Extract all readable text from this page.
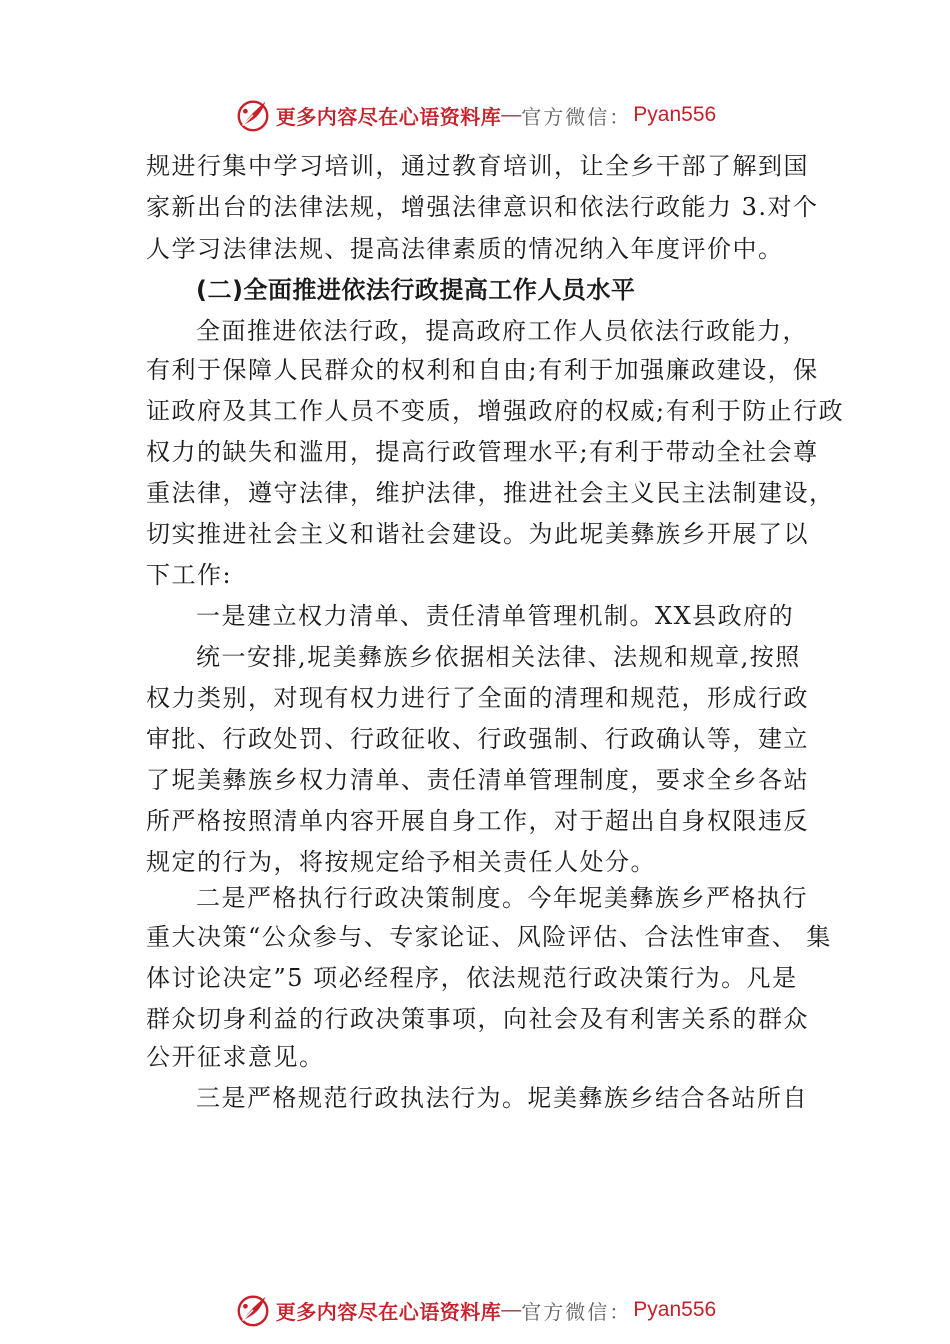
更多内容尽在心语资料库 — 官方微信： Pyan556
规进行集中学习培训，通过教育培训，让全乡干部了解到国
家新出台的法律法规，增强法律意识和依法行政能力 3.对个
人学习法律法规、提高法律素质的情况纳入年度评价中。
(二)全面推进依法行政提高工作人员水平
全面推进依法行政，提高政府工作人员依法行政能力，
有利于保障人民群众的权利和自由;有利于加强廉政建设，保
证政府及其工作人员不变质，增强政府的权威;有利于防止行政
权力的缺失和滥用，提高行政管理水平;有利于带动全社会尊
重法律，遵守法律，维护法律，推进社会主义民主法制建设，
切实推进社会主义和谐社会建设。为此坭美彝族乡开展了以
下工作:
一是建立权力清单、责任清单管理机制。XX县政府的
统一安排,坭美彝族乡依据相关法律、法规和规章,按照
权力类别，对现有权力进行了全面的清理和规范，形成行政
审批、行政处罚、行政征收、行政强制、行政确认等，建立
了坭美彝族乡权力清单、责任清单管理制度，要求全乡各站
所严格按照清单内容开展自身工作，对于超出自身权限违反
规定的行为，将按规定给予相关责任人处分。
二是严格执行行政决策制度。今年坭美彝族乡严格执行
重大决策“公众参与、专家论证、风险评估、合法性审查、 集
体讨论决定”5 项必经程序，依法规范行政决策行为。凡是
群众切身利益的行政决策事项，向社会及有利害关系的群众
公开征求意见。
三是严格规范行政执法行为。坭美彝族乡结合各站所自
更多内容尽在心语资料库 — 官方微信： Pyan556
